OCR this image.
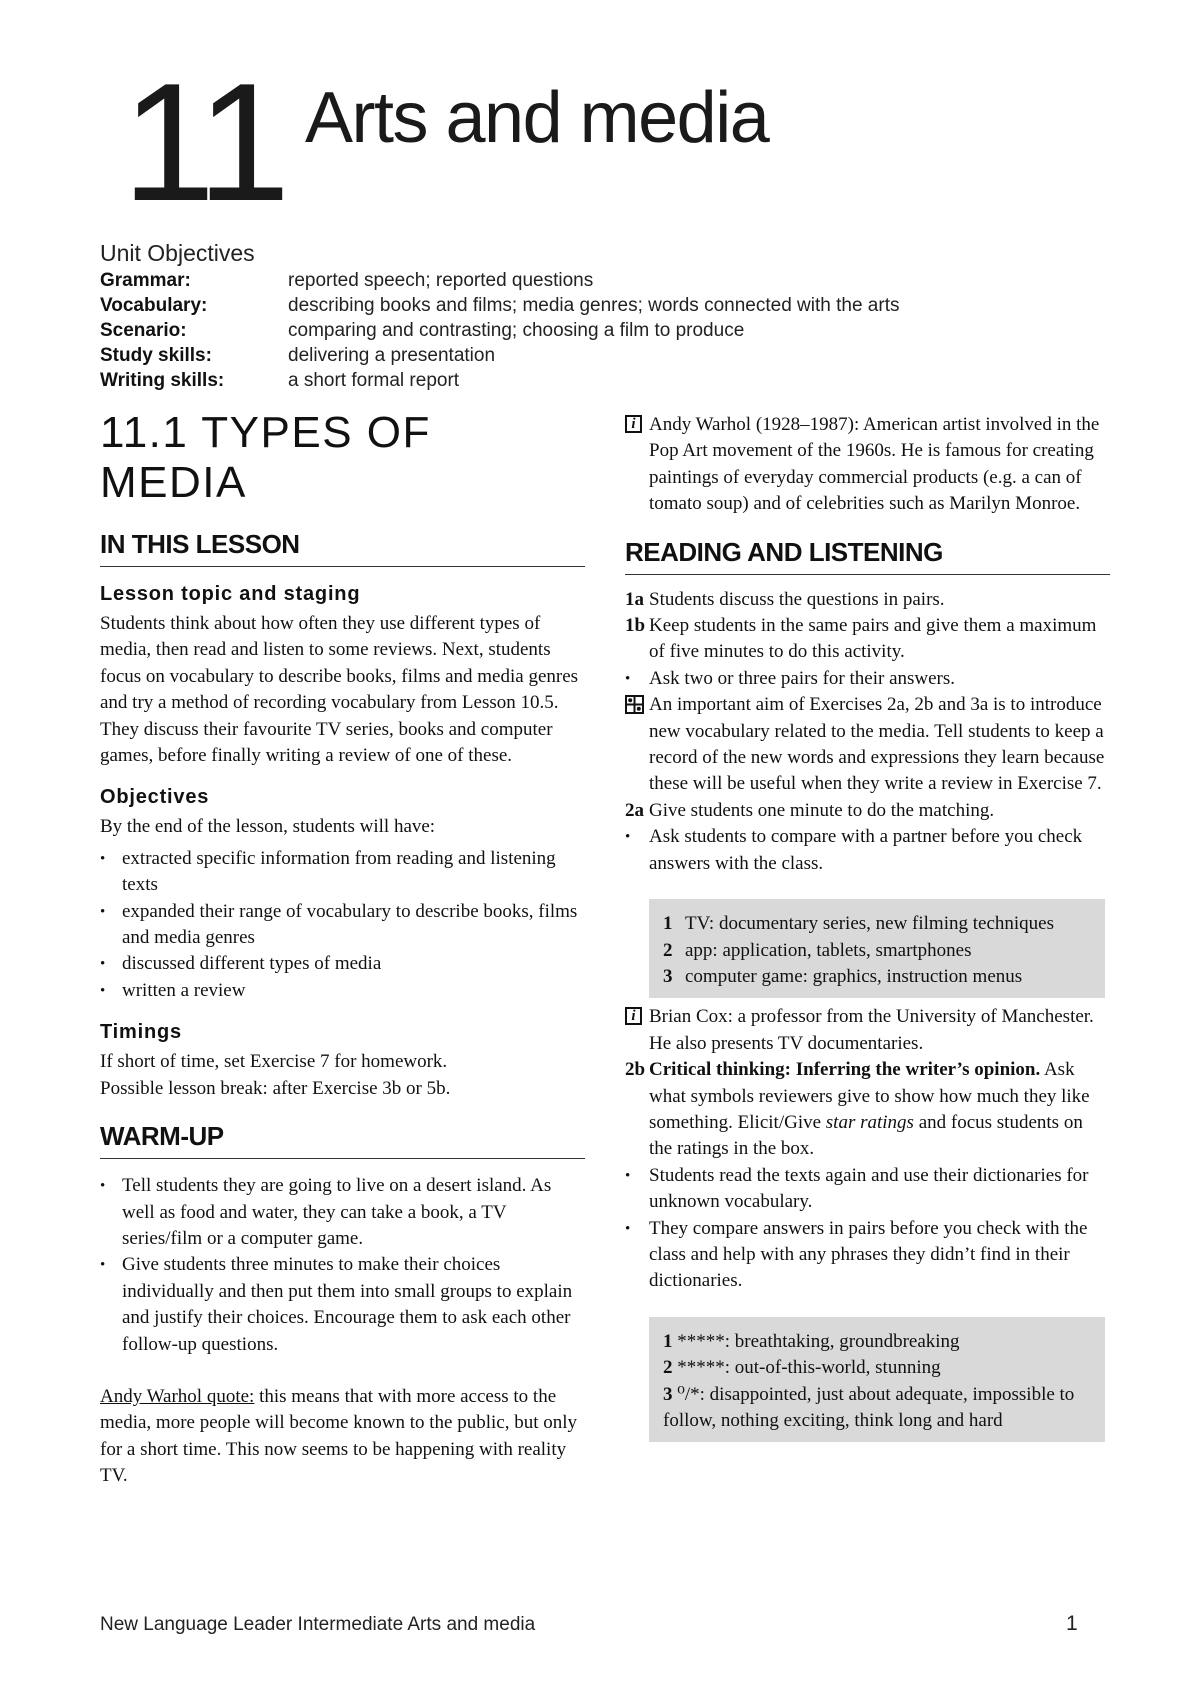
11 Arts and media
Unit Objectives
Grammar:	reported speech; reported questions
Vocabulary:	describing books and films; media genres; words connected with the arts
Scenario:	comparing and contrasting; choosing a film to produce
Study skills:	delivering a presentation
Writing skills:	a short formal report
11.1 TYPES OF
MEDIA
IN THIS LESSON
Lesson topic and staging

Students think about how often they use different types of media, then read and listen to some reviews. Next, students focus on vocabulary to describe books, films and media genres and try a method of recording vocabulary from Lesson 10.5. They discuss their favourite TV series, books and computer games, before finally writing a review of one of these.

Objectives

By the end of the lesson, students will have:

• extracted specific information from reading and listening texts
• expanded their range of vocabulary to describe books, films and media genres
• discussed different types of media
• written a review
Timings

If short of time, set Exercise 7 for homework.

Possible lesson break: after Exercise 3b or 5b.

WARM-UP
• Tell students they are going to live on a desert island. As well as food and water, they can take a book, a TV series/film or a computer game.
• Give students three minutes to make their choices individually and then put them into small groups to explain and justify their choices. Encourage them to ask each other follow-up questions.

Andy Warhol quote: this means that with more access to the media, more people will become known to the public, but only for a short time. This now seems to be happening with reality TV.

i Andy Warhol (1928–1987): American artist involved in the Pop Art movement of the 1960s. He is famous for creating paintings of everyday commercial products (e.g. a can of tomato soup) and of celebrities such as Marilyn Monroe.
READING AND LISTENING
1a Students discuss the questions in pairs.
1b Keep students in the same pairs and give them a maximum of five minutes to do this activity.
• Ask two or three pairs for their answers.
An important aim of Exercises 2a, 2b and 3a is to introduce new vocabulary related to the media. Tell students to keep a record of the new words and expressions they learn because these will be useful when they write a review in Exercise 7.
2a Give students one minute to do the matching.
• Ask students to compare with a partner before you check answers with the class.
1 TV: documentary series, new filming techniques
2 app: application, tablets, smartphones
3 computer game: graphics, instruction menus
i Brian Cox: a professor from the University of Manchester. He also presents TV documentaries.
2b Critical thinking: Inferring the writer’s opinion. Ask what symbols reviewers give to show how much they like something. Elicit/Give star ratings and focus students on the ratings in the box.
• Students read the texts again and use their dictionaries for unknown vocabulary.
• They compare answers in pairs before you check with the class and help with any phrases they didn’t find in their dictionaries.
1 *****: breathtaking, groundbreaking
2 *****: out-of-this-world, stunning
3 ⁰/*: disappointed, just about adequate, impossible to follow, nothing exciting, think long and hard
New Language Leader Intermediate Arts and media	1
